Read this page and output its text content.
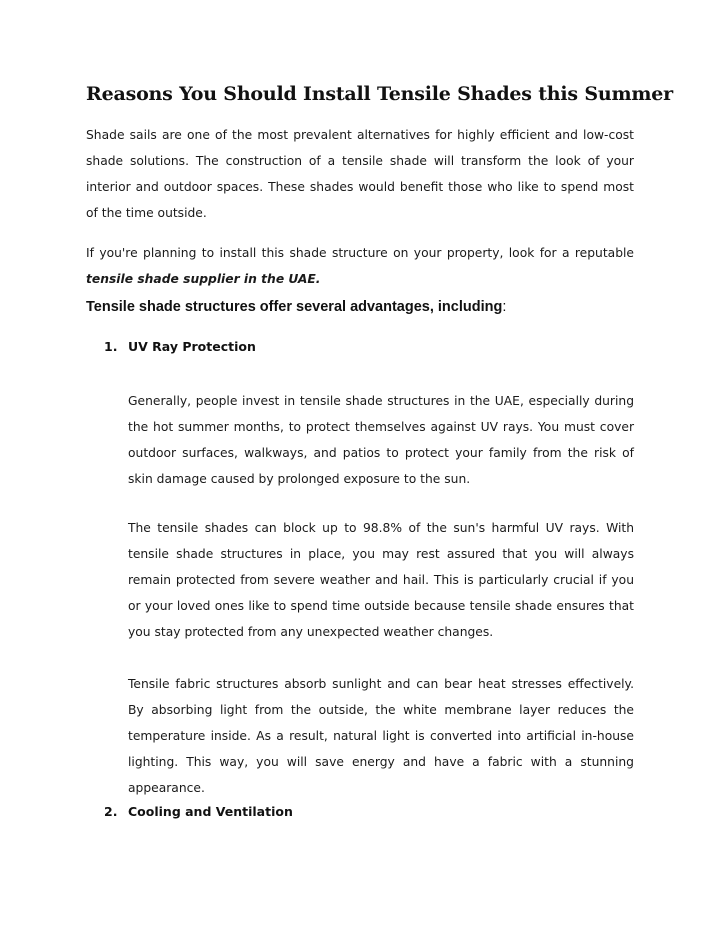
Reasons You Should Install Tensile Shades this Summer

Shade sails are one of the most prevalent alternatives for highly efficient and low-cost shade solutions. The construction of a tensile shade will transform the look of your interior and outdoor spaces. These shades would benefit those who like to spend most of the time outside.

If you're planning to install this shade structure on your property, look for a reputable tensile shade supplier in the UAE.

Tensile shade structures offer several advantages, including:
1. UV Ray Protection

Generally, people invest in tensile shade structures in the UAE, especially during the hot summer months, to protect themselves against UV rays. You must cover outdoor surfaces, walkways, and patios to protect your family from the risk of skin damage caused by prolonged exposure to the sun.

The tensile shades can block up to 98.8% of the sun's harmful UV rays. With tensile shade structures in place, you may rest assured that you will always remain protected from severe weather and hail. This is particularly crucial if you or your loved ones like to spend time outside because tensile shade ensures that you stay protected from any unexpected weather changes.

Tensile fabric structures absorb sunlight and can bear heat stresses effectively. By absorbing light from the outside, the white membrane layer reduces the temperature inside. As a result, natural light is converted into artificial in-house lighting. This way, you will save energy and have a fabric with a stunning appearance.

2. Cooling and Ventilation
